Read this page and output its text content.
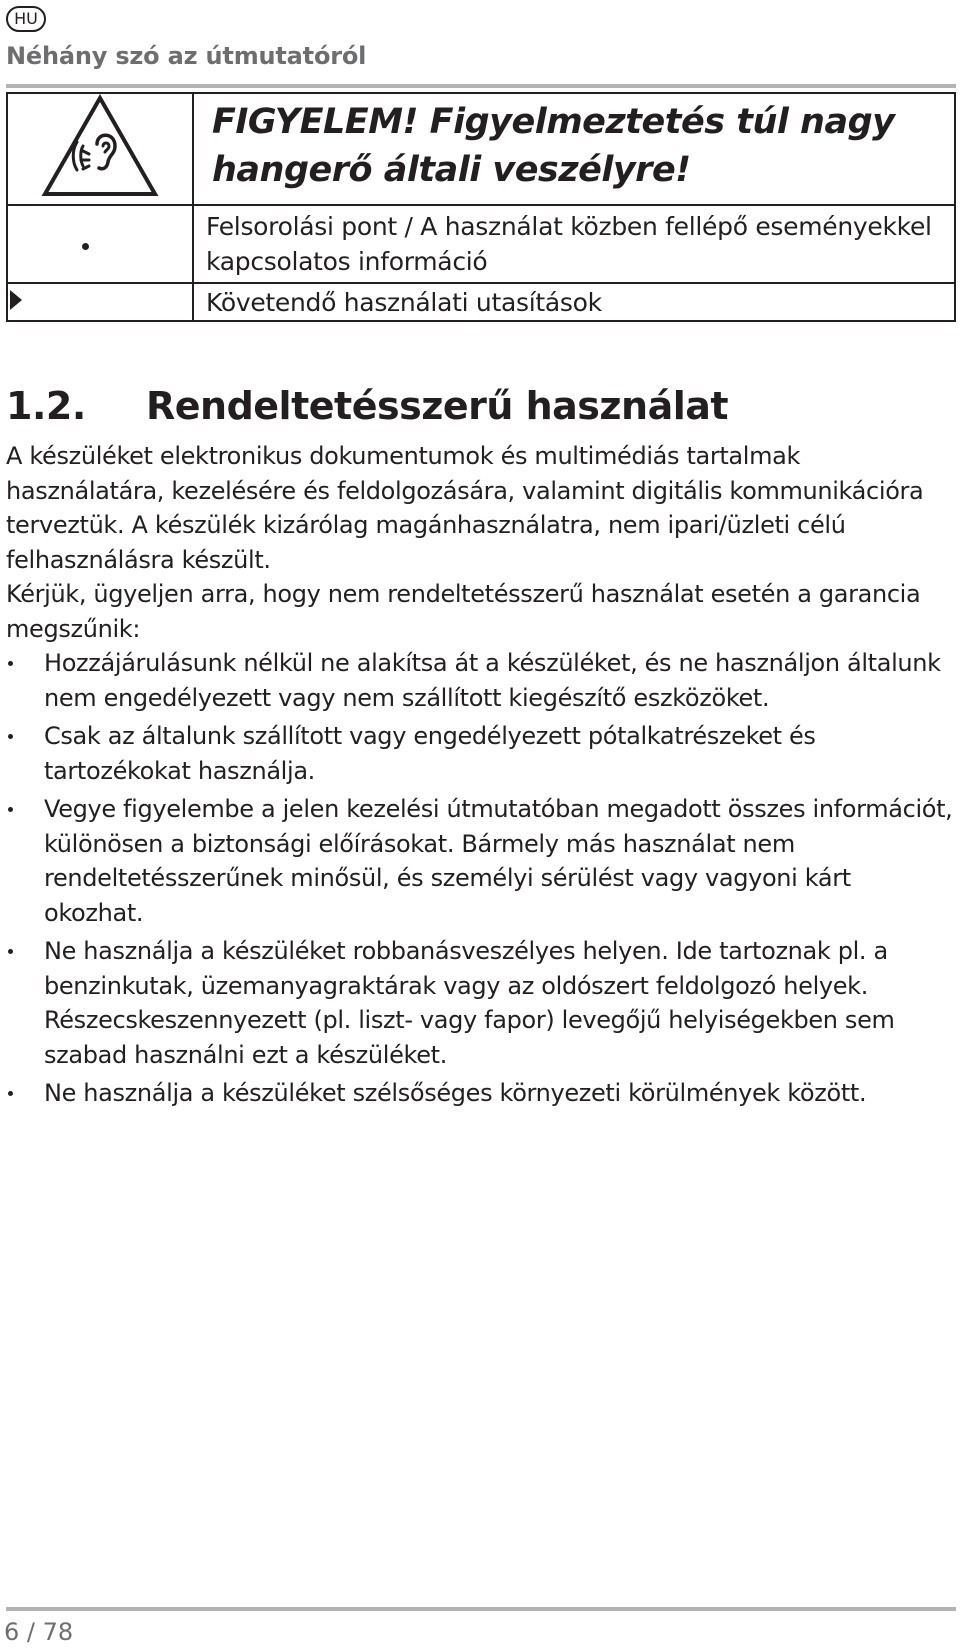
HU
Néhány szó az útmutatóról

FIGYELEM! Figyelmeztetés túl nagy hangerő általi veszélyre!

	Felsorolási pont / A használat közben fellépő eseményekkel kapcsolatos információ

	Követendő használati utasítások
1.2. Rendeltetésszerű használat
A készüléket elektronikus dokumentumok és multimédiás tartalmak használatára, kezelésére és feldolgozására, valamint digitális kommunikációra terveztük. A készülék kizárólag magánhasználatra, nem ipari/üzleti célú felhasználásra készült.
Kérjük, ügyeljen arra, hogy nem rendeltetésszerű használat esetén a garancia megszűnik:
Hozzájárulásunk nélkül ne alakítsa át a készüléket, és ne használjon általunk nem engedélyezett vagy nem szállított kiegészítő eszközöket.
Csak az általunk szállított vagy engedélyezett pótalkatrészeket és tartozékokat használja.
Vegye figyelembe a jelen kezelési útmutatóban megadott összes információt, különösen a biztonsági előírásokat. Bármely más használat nem rendeltetésszerűnek minősül, és személyi sérülést vagy vagyoni kárt okozhat.
Ne használja a készüléket robbanásveszélyes helyen. Ide tartoznak pl. a benzinkutak, üzemanyagraktárak vagy az oldószert feldolgozó helyek. Részecskeszennyezett (pl. liszt- vagy fapor) levegőjű helyiségekben sem szabad használni ezt a készüléket.
Ne használja a készüléket szélsőséges környezeti körülmények között.
6 / 78
